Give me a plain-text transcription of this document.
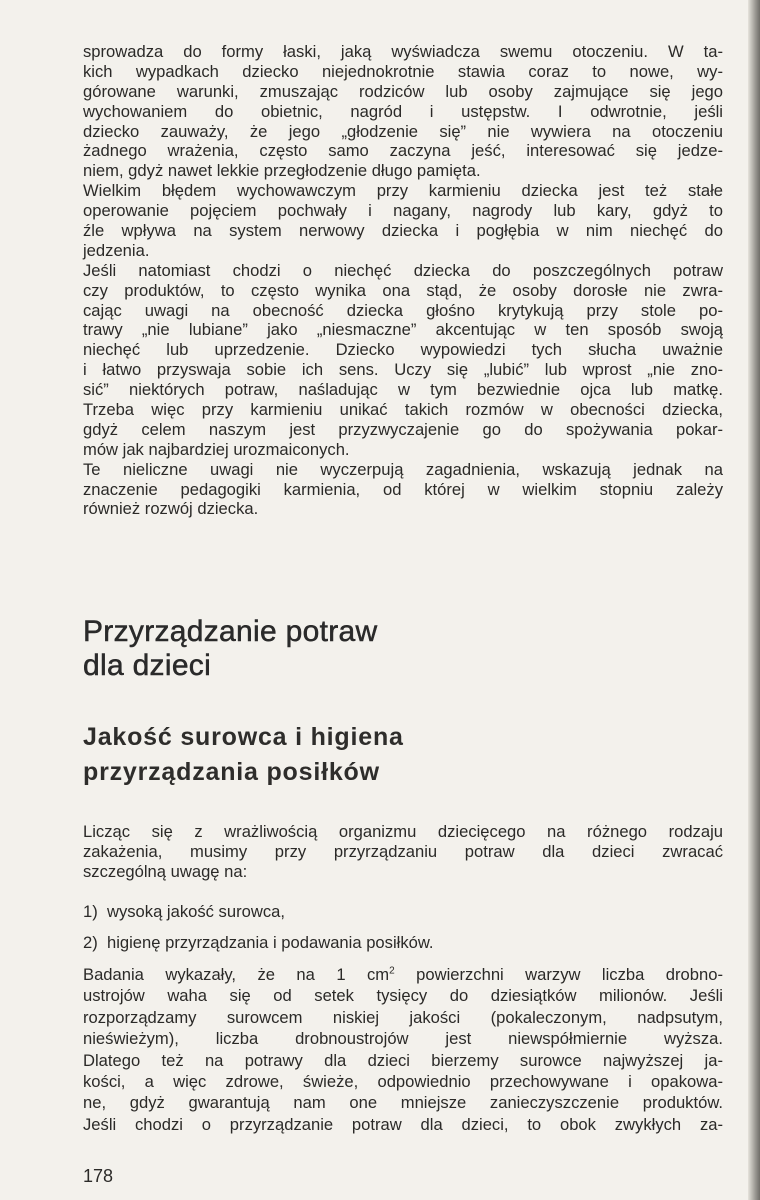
sprowadza do formy łaski, jaką wyświadcza swemu otoczeniu. W ta-
kich wypadkach dziecko niejednokrotnie stawia coraz to nowe, wy-
górowane warunki, zmuszając rodziców lub osoby zajmujące się jego
wychowaniem do obietnic, nagród i ustępstw. I odwrotnie, jeśli
dziecko zauważy, że jego „głodzenie się” nie wywiera na otoczeniu
żadnego wrażenia, często samo zaczyna jeść, interesować się jedze-
niem, gdyż nawet lekkie przegłodzenie długo pamięta.
Wielkim błędem wychowawczym przy karmieniu dziecka jest też stałe
operowanie pojęciem pochwały i nagany, nagrody lub kary, gdyż to
źle wpływa na system nerwowy dziecka i pogłębia w nim niechęć do
jedzenia.
Jeśli natomiast chodzi o niechęć dziecka do poszczególnych potraw
czy produktów, to często wynika ona stąd, że osoby dorosłe nie zwra-
cając uwagi na obecność dziecka głośno krytykują przy stole po-
trawy „nie lubiane” jako „niesmaczne” akcentując w ten sposób swoją
niechęć lub uprzedzenie. Dziecko wypowiedzi tych słucha uważnie
i łatwo przyswaja sobie ich sens. Uczy się „lubić” lub wprost „nie zno-
sić” niektórych potraw, naśladując w tym bezwiednie ojca lub matkę.
Trzeba więc przy karmieniu unikać takich rozmów w obecności dziecka,
gdyż celem naszym jest przyzwyczajenie go do spożywania pokar-
mów jak najbardziej urozmaiconych.
Te nieliczne uwagi nie wyczerpują zagadnienia, wskazują jednak na
znaczenie pedagogiki karmienia, od której w wielkim stopniu zależy
również rozwój dziecka.
Przyrządzanie potraw
dla dzieci
Jakość surowca i higiena
przyrządzania posiłków
Licząc się z wrażliwością organizmu dziecięcego na różnego rodzaju
zakażenia, musimy przy przyrządzaniu potraw dla dzieci zwracać
szczególną uwagę na:
1)  wysoką jakość surowca,
2)  higienę przyrządzania i podawania posiłków.
Badania wykazały, że na 1 $cm^2$ powierzchni warzyw liczba drobno-
ustrojów waha się od setek tysięcy do dziesiątków milionów. Jeśli
rozporządzamy surowcem niskiej jakości (pokaleczonym, nadpsutym,
nieświeżym), liczba drobnoustrojów jest niewspółmiernie wyższa.
Dlatego też na potrawy dla dzieci bierzemy surowce najwyższej ja-
kości, a więc zdrowe, świeże, odpowiednio przechowywane i opakowa-
ne, gdyż gwarantują nam one mniejsze zanieczyszczenie produktów.
Jeśli chodzi o przyrządzanie potraw dla dzieci, to obok zwykłych za-
178
